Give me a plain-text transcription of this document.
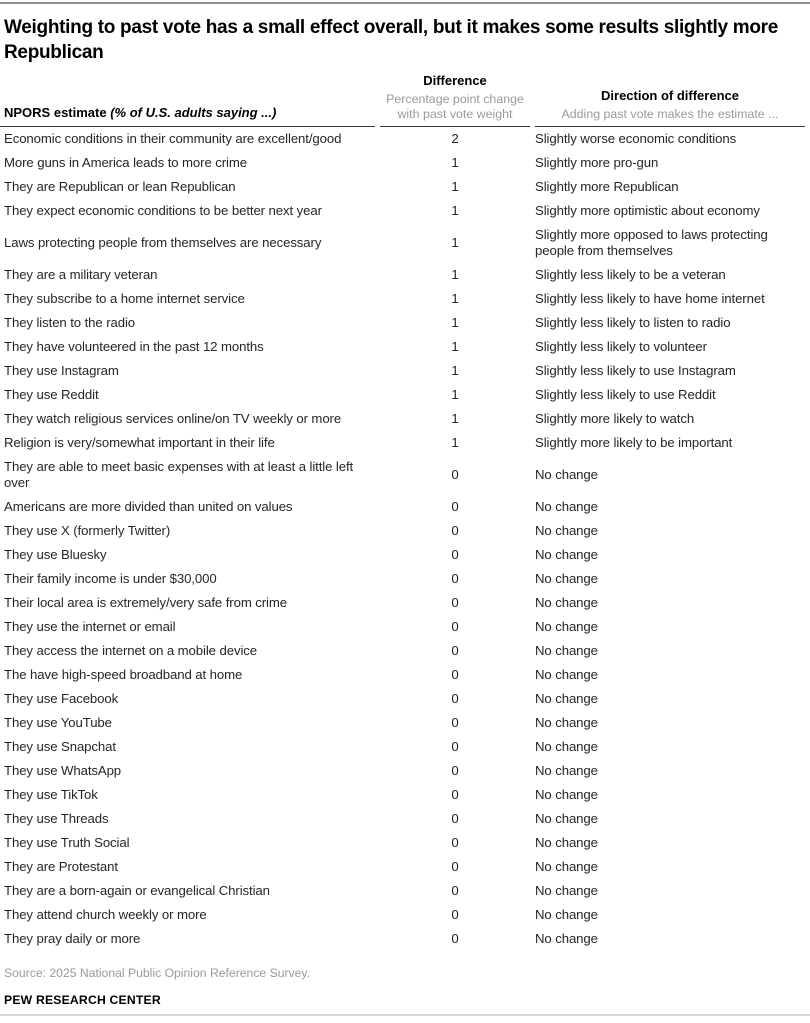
Weighting to past vote has a small effect overall, but it makes some results slightly more Republican
NPORS estimate (% of U.S. adults saying ...)

Difference
Percentage point change with past vote weight

Direction of difference
Adding past vote makes the estimate ...

Economic conditions in their community are excellent/good	2	Slightly worse economic conditions
More guns in America leads to more crime	1	Slightly more pro-gun
They are Republican or lean Republican	1	Slightly more Republican
They expect economic conditions to be better next year	1	Slightly more optimistic about economy
Laws protecting people from themselves are necessary	1	Slightly more opposed to laws protecting people from themselves
They are a military veteran	1	Slightly less likely to be a veteran
They subscribe to a home internet service	1	Slightly less likely to have home internet
They listen to the radio	1	Slightly less likely to listen to radio
They have volunteered in the past 12 months	1	Slightly less likely to volunteer
They use Instagram	1	Slightly less likely to use Instagram
They use Reddit	1	Slightly less likely to use Reddit
They watch religious services online/on TV weekly or more	1	Slightly more likely to watch
Religion is very/somewhat important in their life	1	Slightly more likely to be important
They are able to meet basic expenses with at least a little left over	0	No change
Americans are more divided than united on values	0	No change
They use X (formerly Twitter)	0	No change
They use Bluesky	0	No change
Their family income is under $30,000	0	No change
Their local area is extremely/very safe from crime	0	No change
They use the internet or email	0	No change
They access the internet on a mobile device	0	No change
The have high-speed broadband at home	0	No change
They use Facebook	0	No change
They use YouTube	0	No change
They use Snapchat	0	No change
They use WhatsApp	0	No change
They use TikTok	0	No change
They use Threads	0	No change
They use Truth Social	0	No change
They are Protestant	0	No change
They are a born-again or evangelical Christian	0	No change
They attend church weekly or more	0	No change
They pray daily or more	0	No change

Source: 2025 National Public Opinion Reference Survey.

PEW RESEARCH CENTER
